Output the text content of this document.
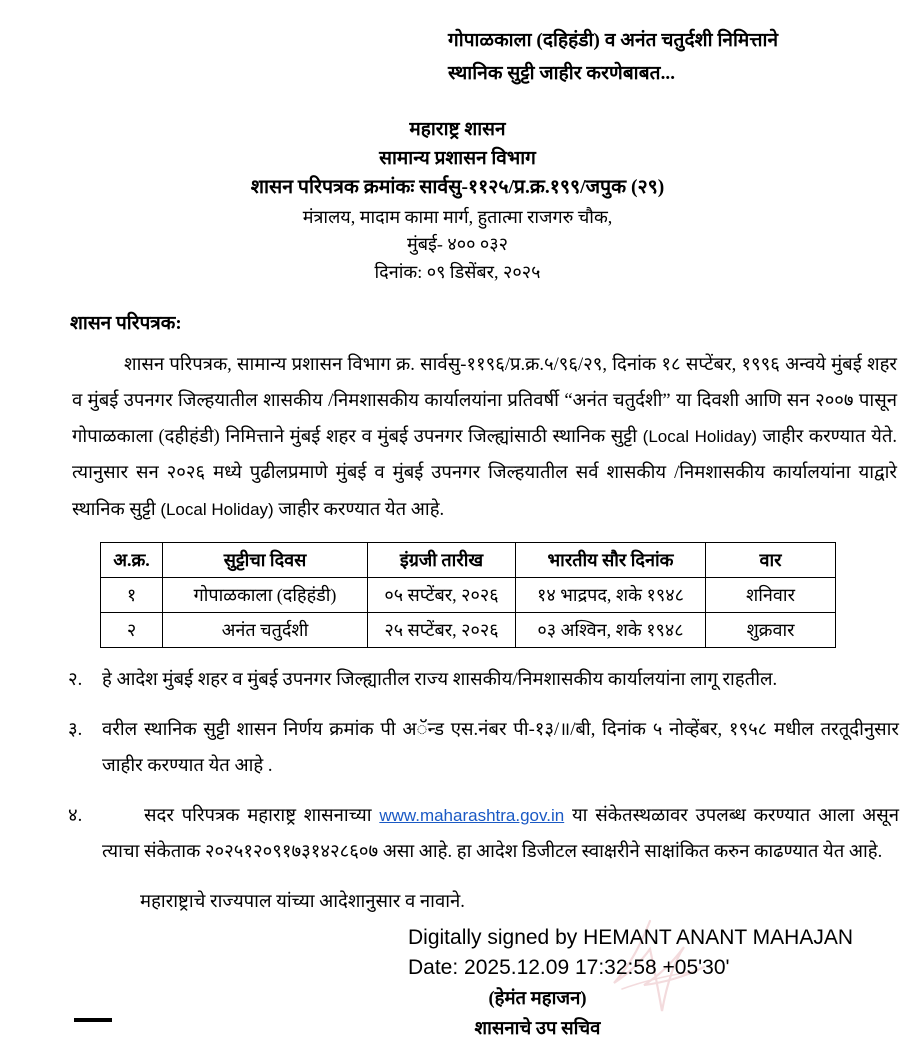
गोपाळकाला (दहिहंडी) व अनंत चतुर्दशी निमित्ताने
स्थानिक सुट्टी जाहीर करणेबाबत...
महाराष्ट्र शासन
सामान्य प्रशासन विभाग
शासन परिपत्रक क्रमांकः सार्वसु-११२५/प्र.क्र.१९९/जपुक (२९)
मंत्रालय, मादाम कामा मार्ग, हुतात्मा राजगरु चौक,
मुंबई- ४०० ०३२
दिनांक: ०९ डिसेंबर, २०२५
शासन परिपत्रक:
शासन परिपत्रक, सामान्य प्रशासन विभाग क्र. सार्वसु-११९६/प्र.क्र.५/९६/२९, दिनांक १८ सप्टेंबर, १९९६ अन्वये मुंबई शहर व मुंबई उपनगर जिल्हयातील शासकीय /निमशासकीय कार्यालयांना प्रतिवर्षी “अनंत चतुर्दशी” या दिवशी आणि सन २००७ पासून गोपाळकाला (दहीहंडी) निमित्ताने मुंबई शहर व मुंबई उपनगर जिल्ह्यांसाठी स्थानिक सुट्टी (Local Holiday) जाहीर करण्यात येते. त्यानुसार सन २०२६ मध्ये पुढीलप्रमाणे मुंबई व मुंबई उपनगर जिल्हयातील सर्व शासकीय /निमशासकीय कार्यालयांना याद्वारे स्थानिक सुट्टी (Local Holiday) जाहीर करण्यात येत आहे.
अ.क्र.	सुट्टीचा दिवस	इंग्रजी तारीख	भारतीय सौर दिनांक	वार
१	गोपाळकाला (दहिहंडी)	०५ सप्टेंबर, २०२६	१४ भाद्रपद, शके १९४८	शनिवार
२	अनंत चतुर्दशी	२५ सप्टेंबर, २०२६	०३ अश्विन, शके १९४८	शुक्रवार
२.	हे आदेश मुंबई शहर व मुंबई उपनगर जिल्ह्यातील राज्य शासकीय/निमशासकीय कार्यालयांना लागू राहतील.
३.	वरील स्थानिक सुट्टी शासन निर्णय क्रमांक पी अॅन्ड एस.नंबर पी-१३/॥/बी, दिनांक ५ नोव्हेंबर, १९५८ मधील तरतूदीनुसार जाहीर करण्यात येत आहे .
४.	सदर परिपत्रक महाराष्ट्र शासनाच्या www.maharashtra.gov.in या संकेतस्थळावर उपलब्ध करण्यात आला असून त्याचा संकेताक २०२५१२०९१७३१४२८६०७ असा आहे. हा आदेश डिजीटल स्वाक्षरीने साक्षांकित करुन काढण्यात येत आहे.
महाराष्ट्राचे राज्यपाल यांच्या आदेशानुसार व नावाने.
Digitally signed by HEMANT ANANT MAHAJAN
Date: 2025.12.09 17:32:58 +05'30'
(हेमंत महाजन)
शासनाचे उप सचिव
